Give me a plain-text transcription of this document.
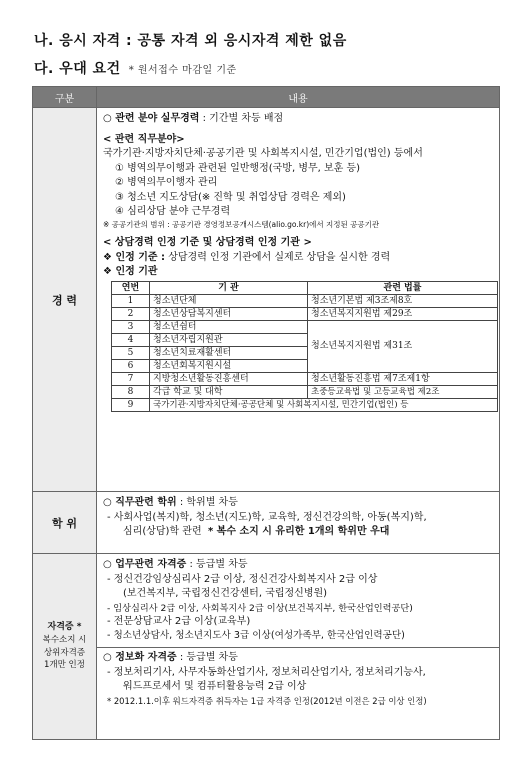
나. 응시 자격 : 공통 자격 외 응시자격 제한 없음
다. 우대 요건 * 원서접수 마감일 기준
구분	내용
경 력	
○ 관련 분야 실무경력 : 기간별 차등 배점
< 관련 직무분야>
국가기관·지방자치단체·공공기관 및 사회복지시설, 민간기업(법인) 등에서
① 병역의무이행과 관련된 일반행정(국방, 병무, 보훈 등)
② 병역의무이행자 관리
③ 청소년 지도상담(※ 진학 및 취업상담 경력은 제외)
④ 심리상담 분야 근무경력
※ 공공기관의 범위 : 공공기관 경영정보공개시스템(alio.go.kr)에서 지정된 공공기관
< 상담경력 인정 기준 및 상담경력 인정 기관 >
❖ 인정 기준 : 상담경력 인정 기관에서 실제로 상담을 실시한 경력
❖ 인정 기관
연번	기 관	관련 법률
1	청소년단체	청소년기본법 제3조제8호
2	청소년상담복지센터	청소년복지지원법 제29조
3	청소년쉼터	청소년복지지원법 제31조
4	청소년자립지원관
5	청소년치료재활센터
6	청소년회복지원시설
7	지방청소년활동진흥센터	청소년활동진흥법 제7조제1항
8	각급 학교 및 대학	초중등교육법 및 고등교육법 제2조
9	국가기관·지방자치단체·공공단체 및 사회복지시설, 민간기업(법인) 등

학 위	
○ 직무관련 학위 : 학위별 차등
- 사회사업(복지)학, 청소년(지도)학, 교육학, 정신건강의학, 아동(복지)학,
심리(상담)학 관련 * 복수 소지 시 유리한 1개의 학위만 우대

자격증 *
복수소지 시
상위자격증
1개만 인정

○ 업무관련 자격증 : 등급별 차등
- 정신건강임상심리사 2급 이상, 정신건강사회복지사 2급 이상
(보건복지부, 국립정신건강센터, 국립정신병원)
- 임상심리사 2급 이상, 사회복지사 2급 이상(보건복지부, 한국산업인력공단)
- 전문상담교사 2급 이상(교육부)
- 청소년상담사, 청소년지도사 3급 이상(여성가족부, 한국산업인력공단)
○ 정보화 자격증 : 등급별 차등
- 정보처리기사, 사무자동화산업기사, 정보처리산업기사, 정보처리기능사,
워드프로세서 및 컴퓨터활용능력 2급 이상
* 2012.1.1.이후 워드자격증 취득자는 1급 자격증 인정(2012년 이전은 2급 이상 인정)
